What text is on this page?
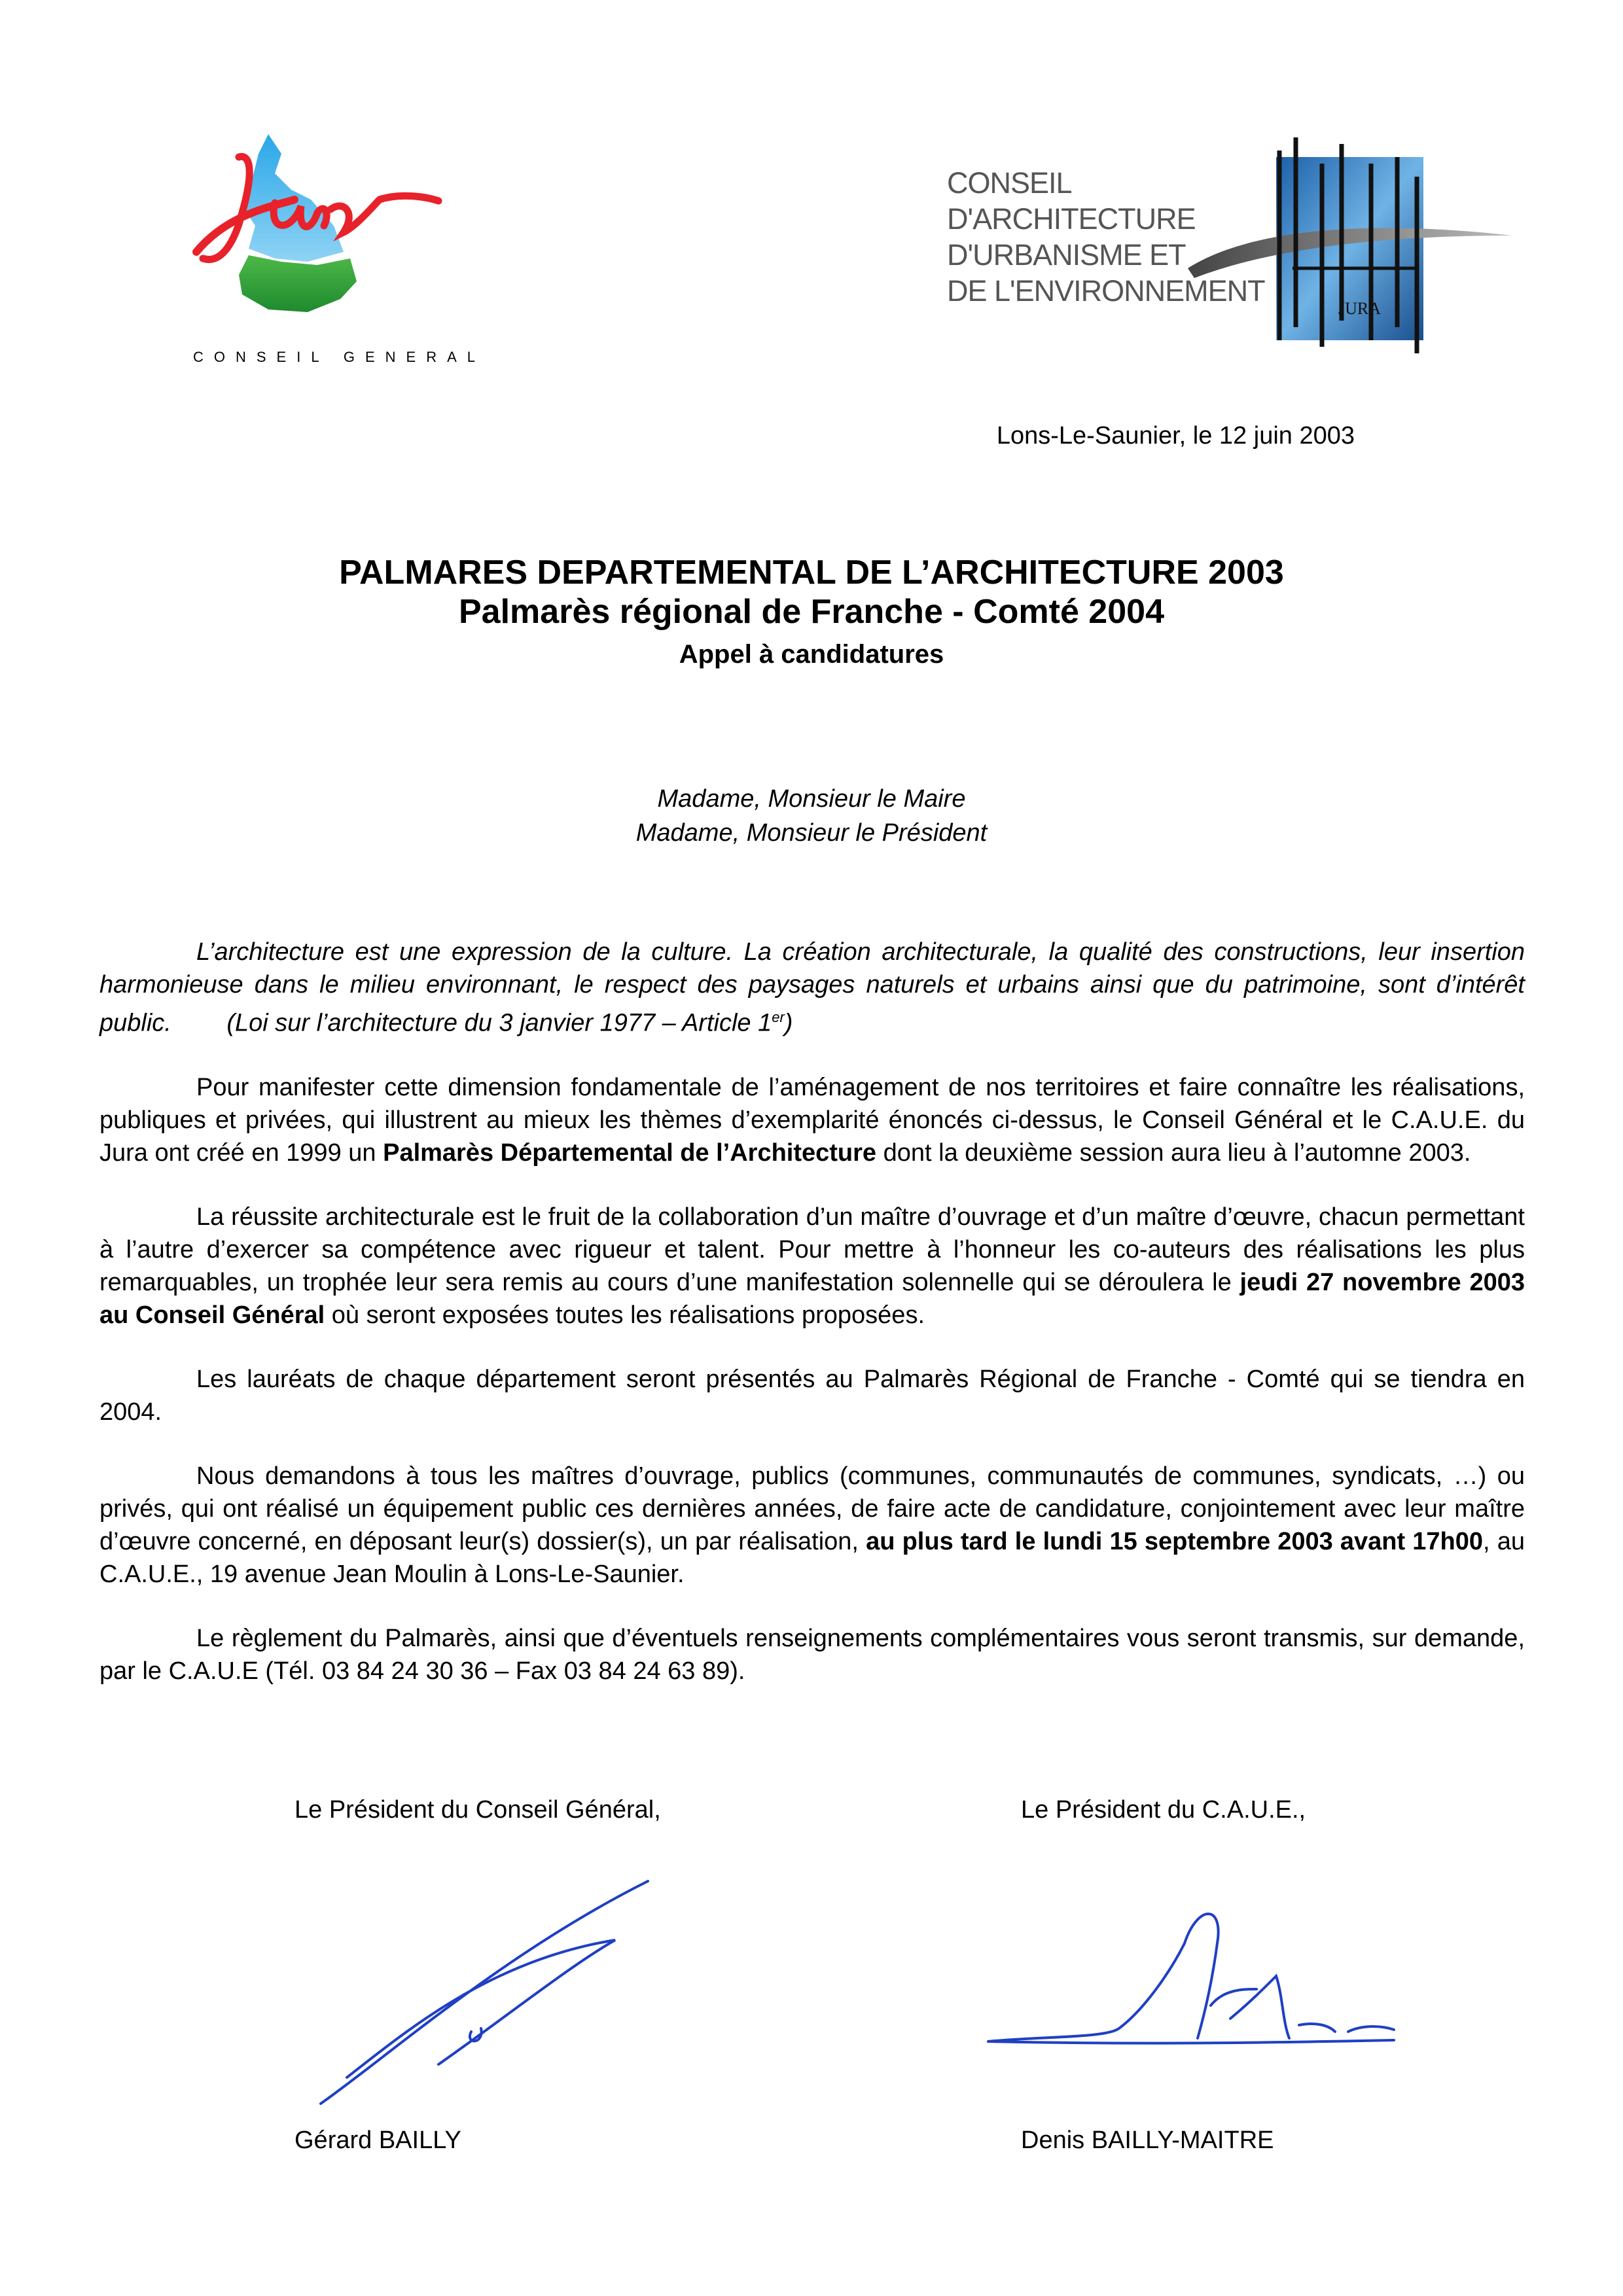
CONSEIL GENERAL
CONSEIL
D'ARCHITECTURE
D'URBANISME ET
DE L'ENVIRONNEMENT
JURA
Lons-Le-Saunier, le 12 juin 2003
PALMARES DEPARTEMENTAL DE L’ARCHITECTURE 2003
Palmarès régional de Franche - Comté 2004
Appel à candidatures
Madame, Monsieur le Maire
Madame, Monsieur le Président

L’architecture est une expression de la culture. La création architecturale, la qualité des constructions, leur insertion harmonieuse dans le milieu environnant, le respect des paysages naturels et urbains ainsi que du patrimoine, sont d’intérêt public. (Loi sur l’architecture du 3 janvier 1977 – Article 1er)

Pour manifester cette dimension fondamentale de l’aménagement de nos territoires et faire connaître les réalisations, publiques et privées, qui illustrent au mieux les thèmes d’exemplarité énoncés ci-dessus, le Conseil Général et le C.A.U.E. du Jura ont créé en 1999 un Palmarès Départemental de l’Architecture dont la deuxième session aura lieu à l’automne 2003.

La réussite architecturale est le fruit de la collaboration d’un maître d’ouvrage et d’un maître d’œuvre, chacun permettant à l’autre d’exercer sa compétence avec rigueur et talent. Pour mettre à l’honneur les co-auteurs des réalisations les plus remarquables, un trophée leur sera remis au cours d’une manifestation solennelle qui se déroulera le jeudi 27 novembre 2003 au Conseil Général où seront exposées toutes les réalisations proposées.

Les lauréats de chaque département seront présentés au Palmarès Régional de Franche - Comté qui se tiendra en 2004.

Nous demandons à tous les maîtres d’ouvrage, publics (communes, communautés de communes, syndicats, …) ou privés, qui ont réalisé un équipement public ces dernières années, de faire acte de candidature, conjointement avec leur maître d’œuvre concerné, en déposant leur(s) dossier(s), un par réalisation, au plus tard le lundi 15 septembre 2003 avant 17h00, au C.A.U.E., 19 avenue Jean Moulin à Lons-Le-Saunier.

Le règlement du Palmarès, ainsi que d’éventuels renseignements complémentaires vous seront transmis, sur demande, par le C.A.U.E (Tél. 03 84 24 30 36 – Fax 03 84 24 63 89).

Le Président du Conseil Général,	Le Président du C.A.U.E.,
Gérard BAILLY	Denis BAILLY-MAITRE
